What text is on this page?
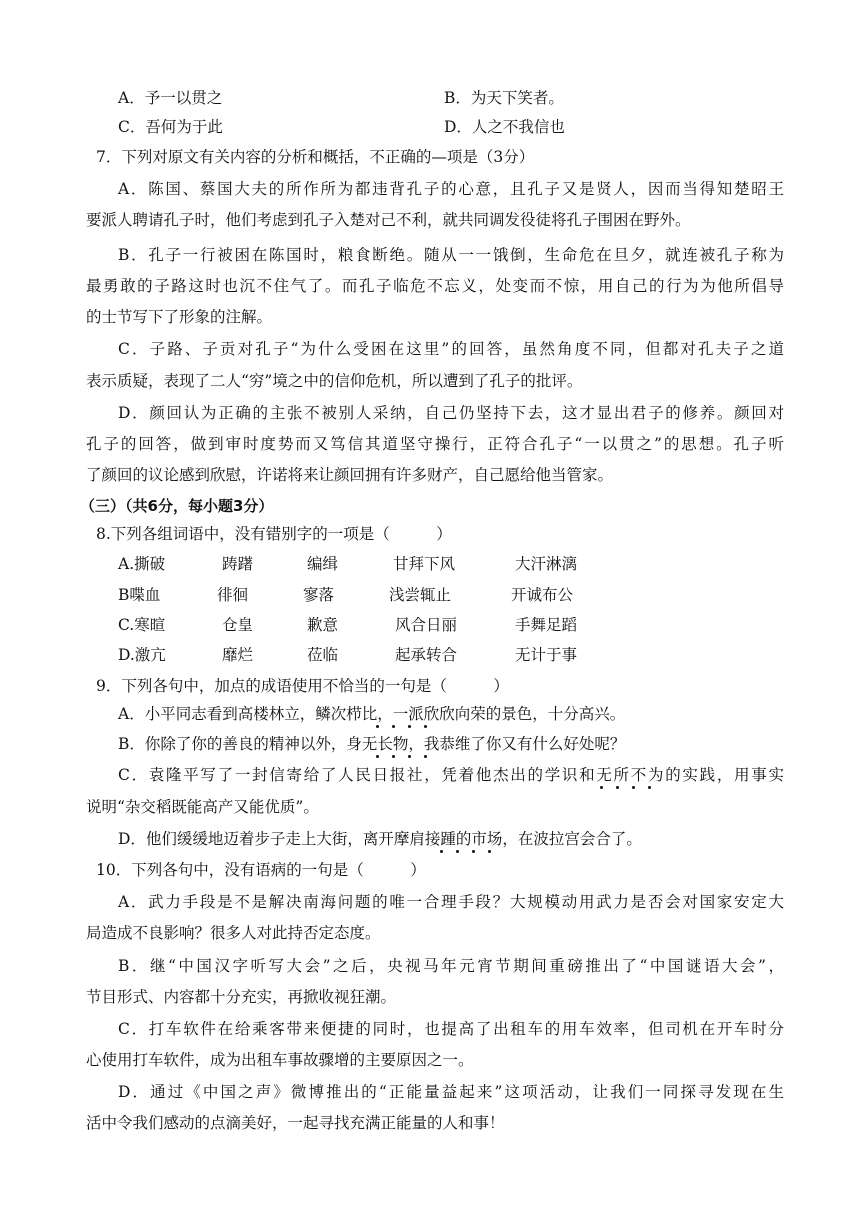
A．予一以贯之	B．为天下笑者。
C．吾何为于此	D．人之不我信也
7．下列对原文有关内容的分析和概括，不正确的—项是（3分）
A．陈国、蔡国大夫的所作所为都违背孔子的心意，且孔子又是贤人，因而当得知楚昭王
要派人聘请孔子时，他们考虑到孔子入楚对己不利，就共同调发役徒将孔子围困在野外。
B．孔子一行被困在陈国时，粮食断绝。随从一一饿倒，生命危在旦夕，就连被孔子称为
最勇敢的子路这时也沉不住气了。而孔子临危不忘义，处变而不惊，用自己的行为为他所倡导
的士节写下了形象的注解。
C．子路、子贡对孔子“为什么受困在这里”的回答，虽然角度不同，但都对孔夫子之道
表示质疑，表现了二人“穷”境之中的信仰危机，所以遭到了孔子的批评。
D．颜回认为正确的主张不被别人采纳，自己仍坚持下去，这才显出君子的修养。颜回对
孔子的回答，做到审时度势而又笃信其道坚守操行，正符合孔子“一以贯之”的思想。孔子听
了颜回的议论感到欣慰，许诺将来让颜回拥有许多财产，自己愿给他当管家。
（三）（共6分，每小题3分）
8.下列各组词语中，没有错别字的一项是（　　　）
A.撕破	踌躇	编缉	甘拜下风	大汗淋漓
B喋血	徘徊	寥落	浅尝辄止	开诚布公
C.寒暄	仓皇	歉意	风合日丽	手舞足蹈
D.激亢	靡烂	莅临	起承转合	无计于事
9．下列各句中，加点的成语使用不恰当的一句是（　　　）
A．小平同志看到高楼林立，鳞次栉比，一派欣欣向荣的景色，十分高兴。
B．你除了你的善良的精神以外，身无长物，我恭维了你又有什么好处呢？
C．袁隆平写了一封信寄给了人民日报社，凭着他杰出的学识和无所不为的实践，用事实
说明“杂交稻既能高产又能优质”。
D．他们缓缓地迈着步子走上大街，离开摩肩接踵的市场，在波拉宫会合了。
10．下列各句中，没有语病的一句是（　　　）
A．武力手段是不是解决南海问题的唯一合理手段？大规模动用武力是否会对国家安定大
局造成不良影响？很多人对此持否定态度。
B．继“中国汉字听写大会”之后，央视马年元宵节期间重磅推出了“中国谜语大会”，
节目形式、内容都十分充实，再掀收视狂潮。
C．打车软件在给乘客带来便捷的同时，也提高了出租车的用车效率，但司机在开车时分
心使用打车软件，成为出租车事故骤增的主要原因之一。
D．通过《中国之声》微博推出的“正能量益起来”这项活动，让我们一同探寻发现在生
活中令我们感动的点滴美好，一起寻找充满正能量的人和事！
